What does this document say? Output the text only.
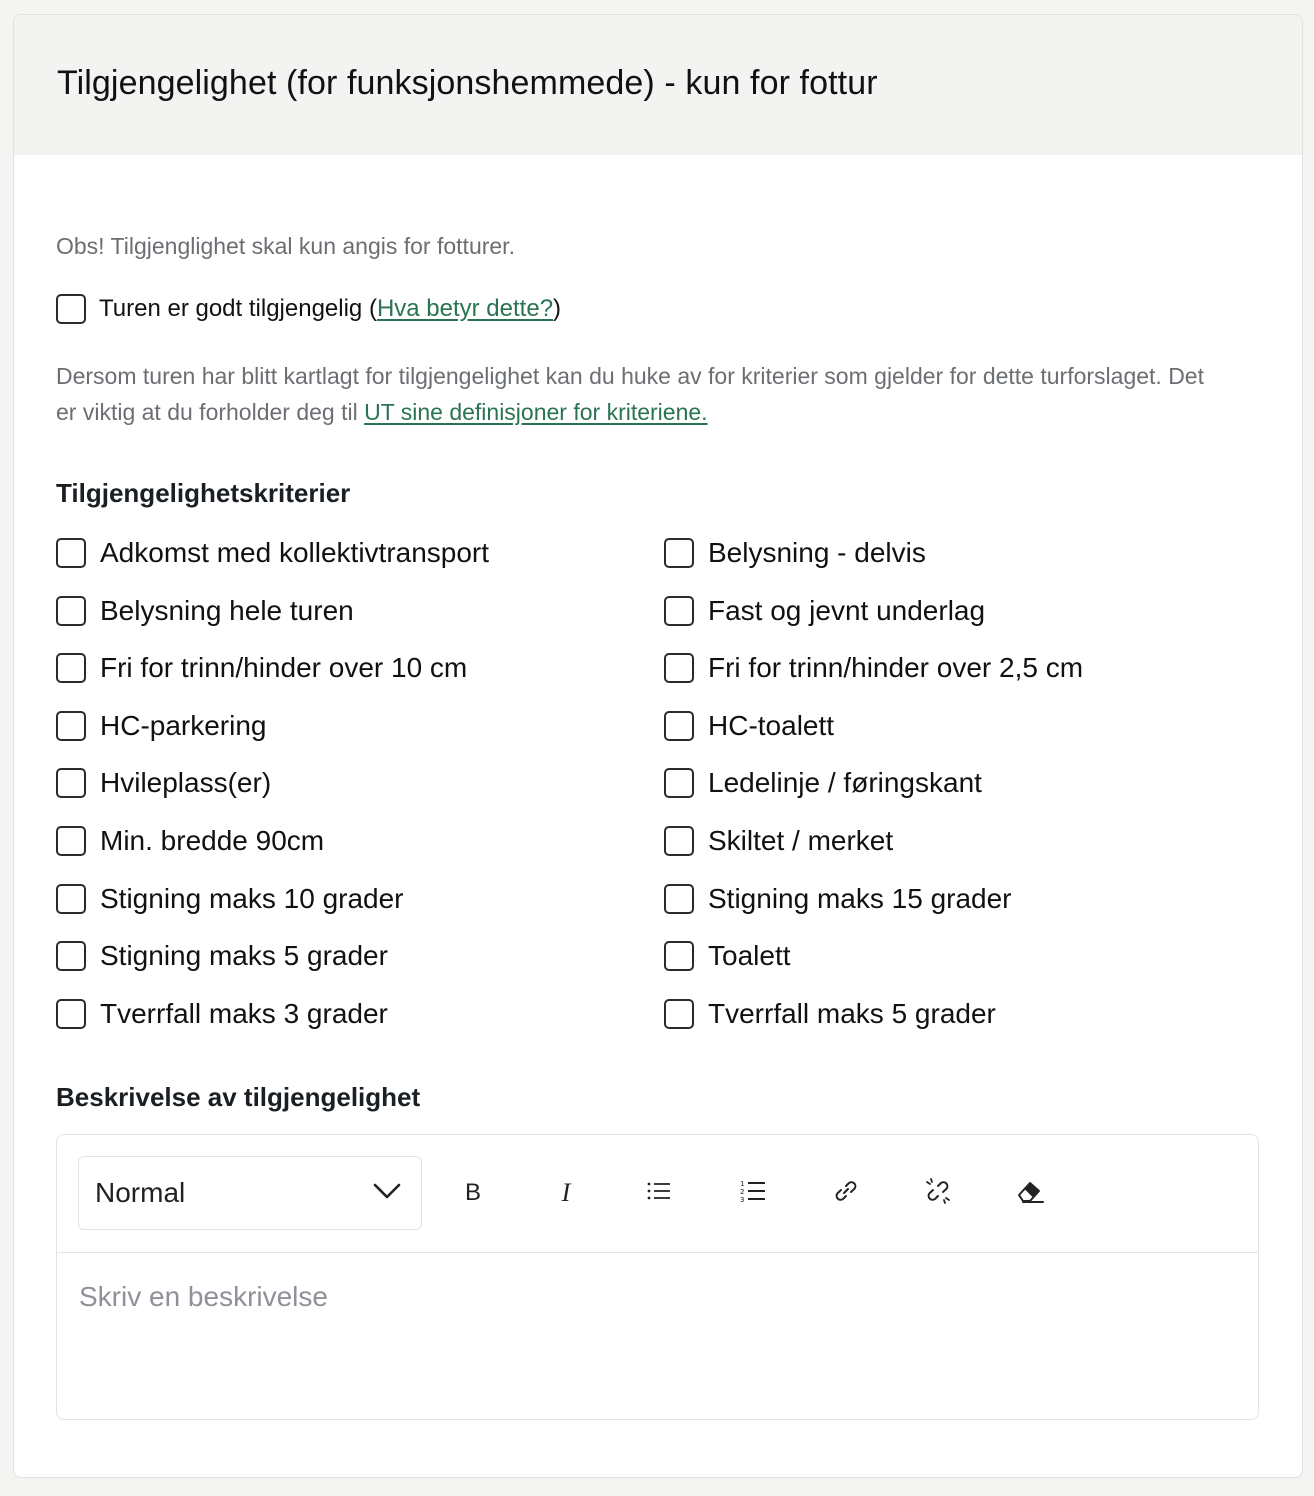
Tilgjengelighet (for funksjonshemmede) - kun for fottur
Obs! Tilgjenglighet skal kun angis for fotturer.
Turen er godt tilgjengelig (Hva betyr dette?)
Dersom turen har blitt kartlagt for tilgjengelighet kan du huke av for kriterier som gjelder for dette turforslaget. Det er viktig at du forholder deg til UT sine definisjoner for kriteriene.
Tilgjengelighetskriterier
Adkomst med kollektivtransport	Belysning - delvis
Belysning hele turen	Fast og jevnt underlag
Fri for trinn/hinder over 10 cm	Fri for trinn/hinder over 2,5 cm
HC-parkering	HC-toalett
Hvileplass(er)	Ledelinje / føringskant
Min. bredde 90cm	Skiltet / merket
Stigning maks 10 grader	Stigning maks 15 grader
Stigning maks 5 grader	Toalett
Tverrfall maks 3 grader	Tverrfall maks 5 grader
Beskrivelse av tilgjengelighet
Normal	B	I	1
2
3
Skriv en beskrivelse
